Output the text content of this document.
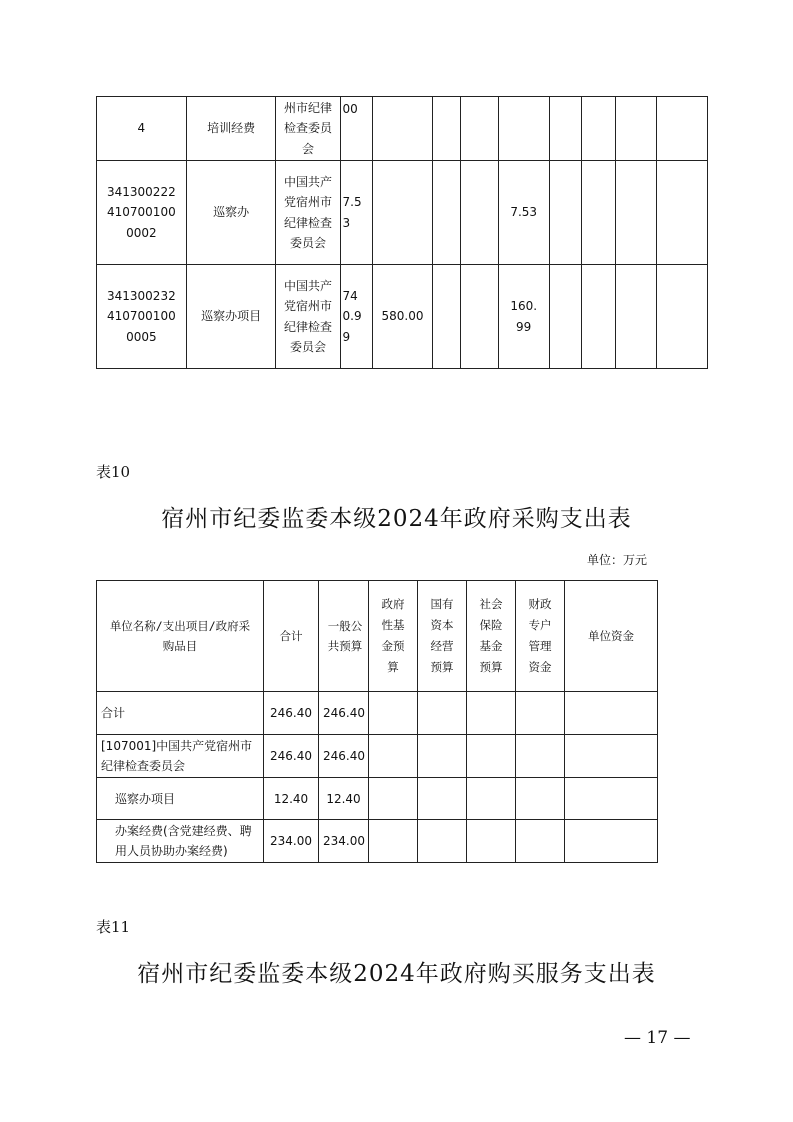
4	培训经费	州市纪律检查委员会	00								
3413002224107001000002	巡察办	中国共产党宿州市纪律检查委员会	7.53				7.53				
3413002324107001000005	巡察办项目	中国共产党宿州市纪律检查委员会	740.99	580.00			160.99				
表10
宿州市纪委监委本级2024年政府采购支出表
单位：万元
单位名称/支出项目/政府采购品目	合计	一般公共预算	政府性基金预算	国有资本经营预算	社会保险基金预算	财政专户管理资金	单位资金
合计	246.40	246.40					
[107001]中国共产党宿州市纪律检查委员会	246.40	246.40					
巡察办项目	12.40	12.40					
办案经费(含党建经费、聘用人员协助办案经费)	234.00	234.00					
表11
宿州市纪委监委本级2024年政府购买服务支出表
— 17 —
